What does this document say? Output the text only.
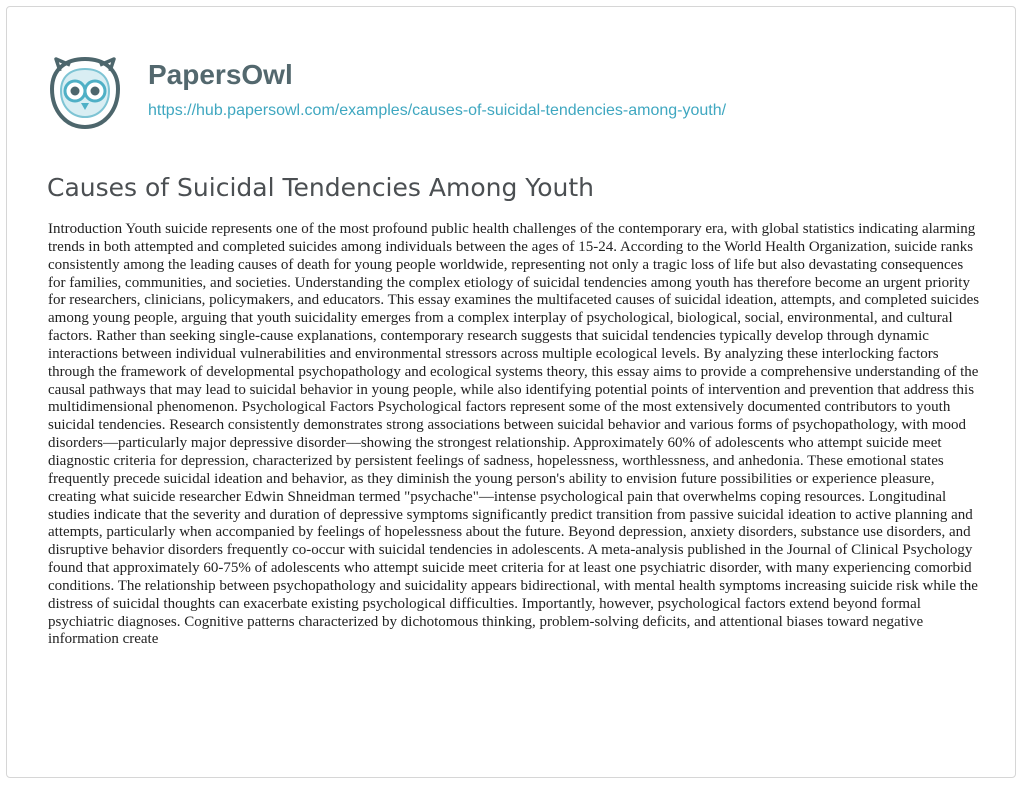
PapersOwl
https://hub.papersowl.com/examples/causes-of-suicidal-tendencies-among-youth/
Causes of Suicidal Tendencies Among Youth

Introduction Youth suicide represents one of the most profound public health challenges of the contemporary era, with global statistics indicating alarming trends in both attempted and completed suicides among individuals between the ages of 15-24. According to the World Health Organization, suicide ranks consistently among the leading causes of death for young people worldwide, representing not only a tragic loss of life but also devastating consequences for families, communities, and societies. Understanding the complex etiology of suicidal tendencies among youth has therefore become an urgent priority for researchers, clinicians, policymakers, and educators. This essay examines the multifaceted causes of suicidal ideation, attempts, and completed suicides among young people, arguing that youth suicidality emerges from a complex interplay of psychological, biological, social, environmental, and cultural factors. Rather than seeking single-cause explanations, contemporary research suggests that suicidal tendencies typically develop through dynamic interactions between individual vulnerabilities and environmental stressors across multiple ecological levels. By analyzing these interlocking factors through the framework of developmental psychopathology and ecological systems theory, this essay aims to provide a comprehensive understanding of the causal pathways that may lead to suicidal behavior in young people, while also identifying potential points of intervention and prevention that address this multidimensional phenomenon. Psychological Factors Psychological factors represent some of the most extensively documented contributors to youth suicidal tendencies. Research consistently demonstrates strong associations between suicidal behavior and various forms of psychopathology, with mood disorders—particularly major depressive disorder—showing the strongest relationship. Approximately 60% of adolescents who attempt suicide meet diagnostic criteria for depression, characterized by persistent feelings of sadness, hopelessness, worthlessness, and anhedonia. These emotional states frequently precede suicidal ideation and behavior, as they diminish the young person's ability to envision future possibilities or experience pleasure, creating what suicide researcher Edwin Shneidman termed "psychache"—intense psychological pain that overwhelms coping resources. Longitudinal studies indicate that the severity and duration of depressive symptoms significantly predict transition from passive suicidal ideation to active planning and attempts, particularly when accompanied by feelings of hopelessness about the future. Beyond depression, anxiety disorders, substance use disorders, and disruptive behavior disorders frequently co-occur with suicidal tendencies in adolescents. A meta-analysis published in the Journal of Clinical Psychology found that approximately 60-75% of adolescents who attempt suicide meet criteria for at least one psychiatric disorder, with many experiencing comorbid conditions. The relationship between psychopathology and suicidality appears bidirectional, with mental health symptoms increasing suicide risk while the distress of suicidal thoughts can exacerbate existing psychological difficulties. Importantly, however, psychological factors extend beyond formal psychiatric diagnoses. Cognitive patterns characterized by dichotomous thinking, problem-solving deficits, and attentional biases toward negative information create
